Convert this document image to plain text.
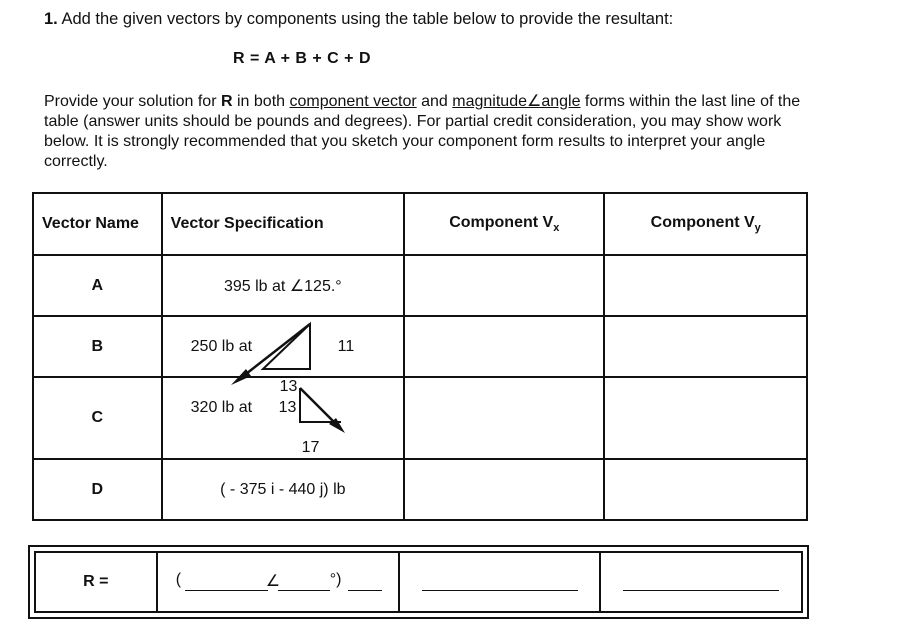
1. Add the given vectors by components using the table below to provide the resultant:
R = A + B + C + D
Provide your solution for R in both component vector and magnitude∠angle forms within the last line of the table (answer units should be pounds and degrees). For partial credit consideration, you may show work below. It is strongly recommended that you sketch your component form results to interpret your angle correctly.
Vector Name	Vector Specification	Component $V_x$	Component $V_y$
A	395 lb at ∠125.°		
B	250 lb at 11
13		

C	320 lb at 13
17		

D	( - 375 i - 440 j) lb		
R =	(	∠	°)
